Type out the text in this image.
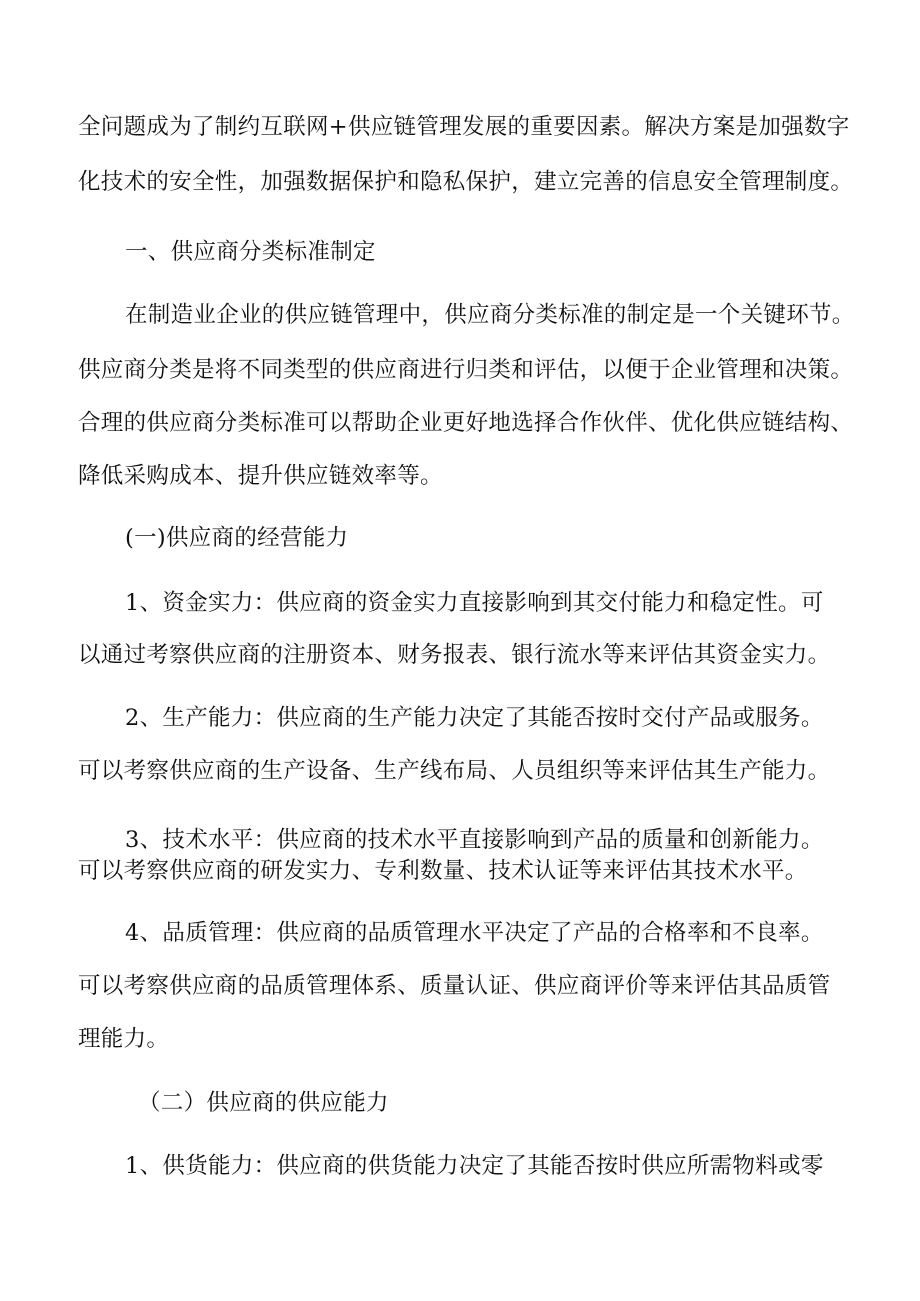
全问题成为了制约互联网+供应链管理发展的重要因素。解决方案是加强数字
化技术的安全性，加强数据保护和隐私保护，建立完善的信息安全管理制度。
一、供应商分类标准制定
在制造业企业的供应链管理中，供应商分类标准的制定是一个关键环节。
供应商分类是将不同类型的供应商进行归类和评估，以便于企业管理和决策。
合理的供应商分类标准可以帮助企业更好地选择合作伙伴、优化供应链结构、
降低采购成本、提升供应链效率等。
(一)供应商的经营能力
1、资金实力：供应商的资金实力直接影响到其交付能力和稳定性。可
以通过考察供应商的注册资本、财务报表、银行流水等来评估其资金实力。
2、生产能力：供应商的生产能力决定了其能否按时交付产品或服务。
可以考察供应商的生产设备、生产线布局、人员组织等来评估其生产能力。
3、技术水平：供应商的技术水平直接影响到产品的质量和创新能力。
可以考察供应商的研发实力、专利数量、技术认证等来评估其技术水平。
4、品质管理：供应商的品质管理水平决定了产品的合格率和不良率。
可以考察供应商的品质管理体系、质量认证、供应商评价等来评估其品质管
理能力。
（二）供应商的供应能力
1、供货能力：供应商的供货能力决定了其能否按时供应所需物料或零
